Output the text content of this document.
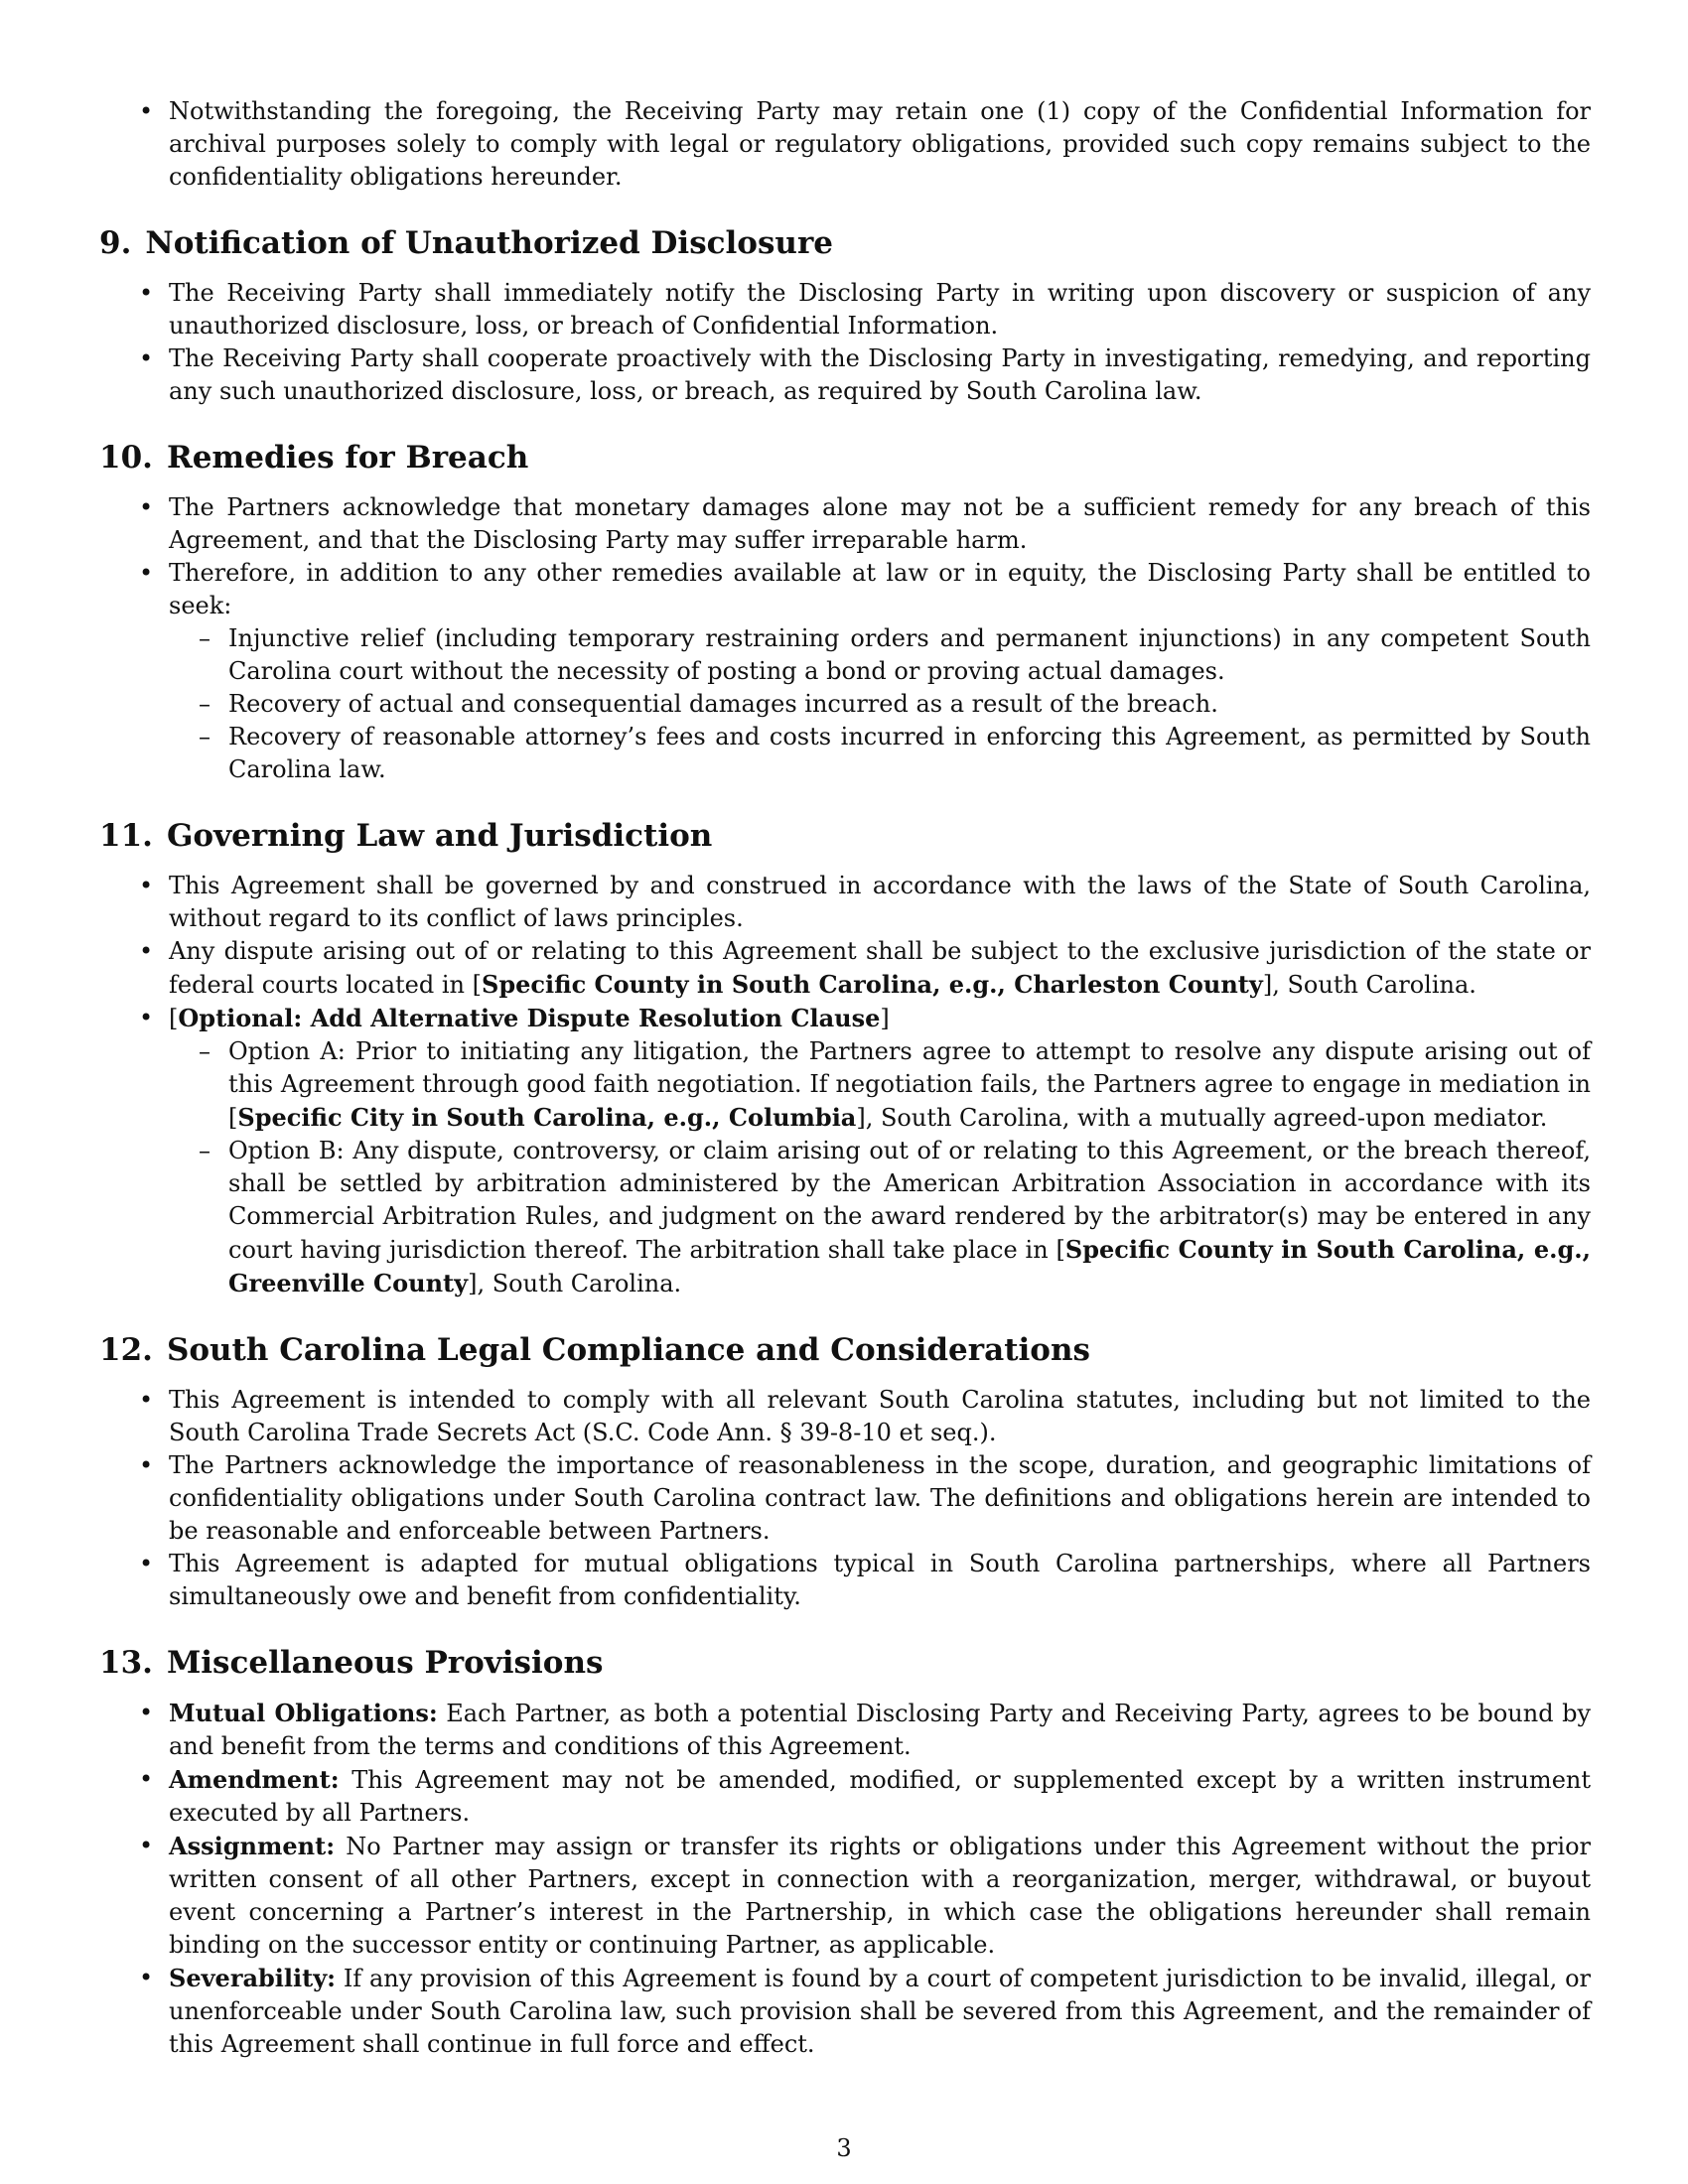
• Notwithstanding the foregoing, the Receiving Party may retain one (1) copy of the Confidential Information for archival purposes solely to comply with legal or regulatory obligations, provided such copy remains subject to the confidentiality obligations hereunder.
9. Notification of Unauthorized Disclosure
• The Receiving Party shall immediately notify the Disclosing Party in writing upon discovery or suspicion of any unauthorized disclosure, loss, or breach of Confidential Information.
• The Receiving Party shall cooperate proactively with the Disclosing Party in investigating, remedying, and reporting any such unauthorized disclosure, loss, or breach, as required by South Carolina law.
10. Remedies for Breach
• The Partners acknowledge that monetary damages alone may not be a sufficient remedy for any breach of this Agreement, and that the Disclosing Party may suffer irreparable harm.
• Therefore, in addition to any other remedies available at law or in equity, the Disclosing Party shall be entitled to seek:
– Injunctive relief (including temporary restraining orders and permanent injunctions) in any competent South Carolina court without the necessity of posting a bond or proving actual damages.
– Recovery of actual and consequential damages incurred as a result of the breach.
– Recovery of reasonable attorney’s fees and costs incurred in enforcing this Agreement, as permitted by South Carolina law.
11. Governing Law and Jurisdiction
• This Agreement shall be governed by and construed in accordance with the laws of the State of South Carolina, without regard to its conflict of laws principles.
• Any dispute arising out of or relating to this Agreement shall be subject to the exclusive jurisdiction of the state or federal courts located in [Specific County in South Carolina, e.g., Charleston County], South Carolina.
• [Optional: Add Alternative Dispute Resolution Clause]
– Option A: Prior to initiating any litigation, the Partners agree to attempt to resolve any dispute arising out of this Agreement through good faith negotiation. If negotiation fails, the Partners agree to engage in mediation in [Specific City in South Carolina, e.g., Columbia], South Carolina, with a mutually agreed-upon mediator.
– Option B: Any dispute, controversy, or claim arising out of or relating to this Agreement, or the breach thereof, shall be settled by arbitration administered by the American Arbitration Association in accordance with its Commercial Arbitration Rules, and judgment on the award rendered by the arbitrator(s) may be entered in any court having jurisdiction thereof. The arbitration shall take place in [Specific County in South Carolina, e.g., Greenville County], South Carolina.
12. South Carolina Legal Compliance and Considerations
• This Agreement is intended to comply with all relevant South Carolina statutes, including but not limited to the South Carolina Trade Secrets Act (S.C. Code Ann. § 39-8-10 et seq.).
• The Partners acknowledge the importance of reasonableness in the scope, duration, and geographic limitations of confidentiality obligations under South Carolina contract law. The definitions and obligations herein are intended to be reasonable and enforceable between Partners.
• This Agreement is adapted for mutual obligations typical in South Carolina partnerships, where all Partners simultaneously owe and benefit from confidentiality.
13. Miscellaneous Provisions
• Mutual Obligations: Each Partner, as both a potential Disclosing Party and Receiving Party, agrees to be bound by and benefit from the terms and conditions of this Agreement.
• Amendment: This Agreement may not be amended, modified, or supplemented except by a written instrument executed by all Partners.
• Assignment: No Partner may assign or transfer its rights or obligations under this Agreement without the prior written consent of all other Partners, except in connection with a reorganization, merger, withdrawal, or buyout event concerning a Partner’s interest in the Partnership, in which case the obligations hereunder shall remain binding on the successor entity or continuing Partner, as applicable.
• Severability: If any provision of this Agreement is found by a court of competent jurisdiction to be invalid, illegal, or unenforceable under South Carolina law, such provision shall be severed from this Agreement, and the remainder of this Agreement shall continue in full force and effect.
3
